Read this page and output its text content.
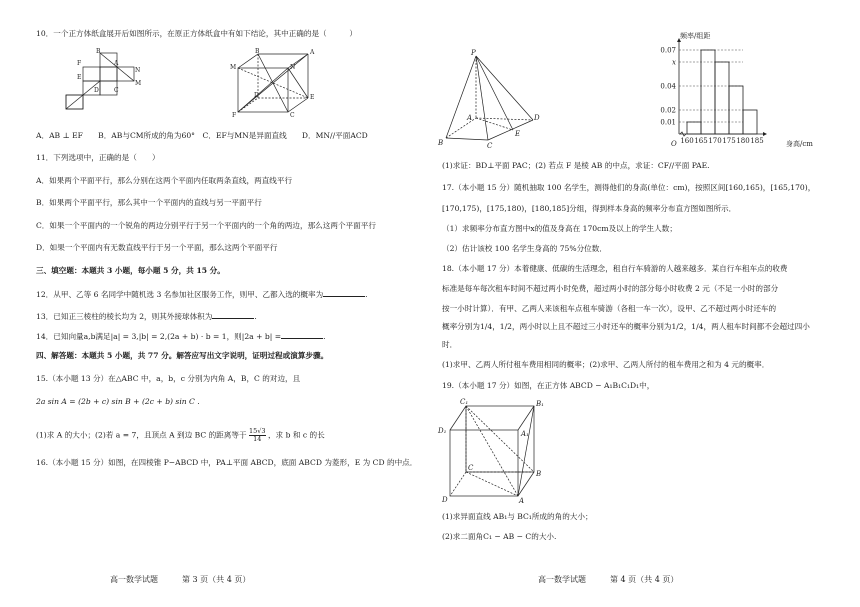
10．一个正方体纸盒展开后如图所示，在原正方体纸盒中有如下结论，其中正确的是（　　　）
B
A
N
M
C
F
E
D
B
M
A
N
D	E
F	C
A．AB ⊥ EF　　B．AB与CM所成的角为60°　C．EF与MN是异面直线　　D．MN//平面ACD
11．下列选项中，正确的是（　　）
A．如果两个平面平行，那么分别在这两个平面内任取两条直线，两直线平行
B．如果两个平面平行，那么其中一个平面内的直线与另一平面平行
C．如果一个平面内的一个锐角的两边分别平行于另一个平面内的一个角的两边，那么这两个平面平行
D．如果一个平面内有无数直线平行于另一个平面，那么这两个平面平行
三、填空题：本题共 3 小题，每小题 5 分，共 15 分。
12．从甲、乙等 6 名同学中随机选 3 名参加社区服务工作，则甲、乙都入选的概率为	.
13．已知正三棱柱的棱长均为 2，则其外接球体积为	.
14．已知向量a,b满足|a| = 3,|b| = 2,(2a + b) · b = 1，则|2a + b| =	.
四、解答题：本题共 5 小题，共 77 分。解答应写出文字说明，证明过程或演算步骤。
15.（本小题 13 分）在△ABC 中，a，b，c 分别为内角 A，B，C 的对边，且
2a sin A = (2b + c) sin B + (2c + b) sin C .
(1)求 A 的大小；(2)若 a = 7，且顶点 A 到边 BC 的距离等于 $\frac{15√3}{14}$ ，求 b 和 c 的长
16.（本小题 15 分）如图，在四棱锥 P−ABCD 中，PA⊥平面 ABCD，底面 ABCD 为菱形，E 为 CD 的中点．
高一数学试题　　　第 3 页（共 4 页）
P
A
B	C
D
E
频率/组距
O	身高/cm
0.07
x
0.04
0.02
0.01
160 165 170 175 180 185
(1)求证：BD⊥平面 PAC；(2) 若点 F 是棱 AB 的中点，求证：CF//平面 PAE.
17.（本小题 15 分）随机抽取 100 名学生，测得他们的身高(单位：cm)，按照区间[160,165)，[165,170)，
[170,175)，[175,180)，[180,185]分组，得到样本身高的频率分布直方图如图所示．
（1）求频率分布直方图中x的值及身高在 170cm及以上的学生人数；
（2）估计该校 100 名学生身高的 75%分位数．
18.（本小题 17 分）本着健康、低碳的生活理念，租自行车骑游的人越来越多．某自行车租车点的收费
标准是每车每次租车时间不超过两小时免费，超过两小时的部分每小时收费 2 元（不足一小时的部分
按一小时计算）．有甲、乙两人来该租车点租车骑游（各租一车一次），设甲、乙不超过两小时还车的
概率分别为1/4，1/2，两小时以上且不超过三小时还车的概率分别为1/2，1/4，两人租车时间都不会超过四小
时．
(1)求甲、乙两人所付租车费用相同的概率；(2)求甲、乙两人所付的租车费用之和为 4 元的概率．
19.（本小题 17 分）如图，在正方体 ABCD − A₁B₁C₁D₁中，
C₁	B₁
D₁	A₁
C
B
D	A
(1)求异面直线 AB₁与 BC₁所成的角的大小；
(2)求二面角C₁ − AB − C的大小.
高一数学试题　　　第 4 页（共 4 页）
